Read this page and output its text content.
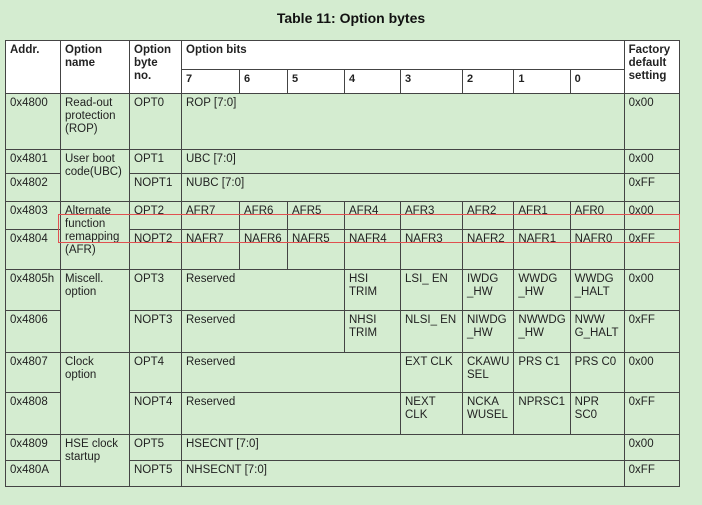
Table 11: Option bytes
Addr.	Option name	Option byte no.	Option bits								Factory default setting
			7	6	5	4	3	2	1	0	
0x4800	Read-out protection (ROP)	OPT0	ROP [7:0]								0x00
0x4801	User boot code(UBC)	OPT1	UBC [7:0]								0x00
0x4802		NOPT1	NUBC [7:0]								0xFF
0x4803	Alternate function remapping (AFR)	OPT2	AFR7	AFR6	AFR5	AFR4	AFR3	AFR2	AFR1	AFR0	0x00
0x4804		NOPT2	NAFR7	NAFR6	NAFR5	NAFR4	NAFR3	NAFR2	NAFR1	NAFR0	0xFF
0x4805h	Miscell. option	OPT3	Reserved			HSI TRIM	LSI_ EN	IWDG _HW	WWDG _HW	WWDG _HALT	0x00
0x4806		NOPT3	Reserved			NHSI TRIM	NLSI_ EN	NIWDG _HW	NWWDG _HW	NWW G_HALT	0xFF
0x4807	Clock option	OPT4	Reserved				EXT CLK	CKAWU SEL	PRS C1	PRS C0	0x00
0x4808		NOPT4	Reserved				NEXT CLK	NCKA WUSEL	NPRSC1	NPR SC0	0xFF
0x4809	HSE clock startup	OPT5	HSECNT [7:0]								0x00
0x480A		NOPT5	NHSECNT [7:0]								0xFF
